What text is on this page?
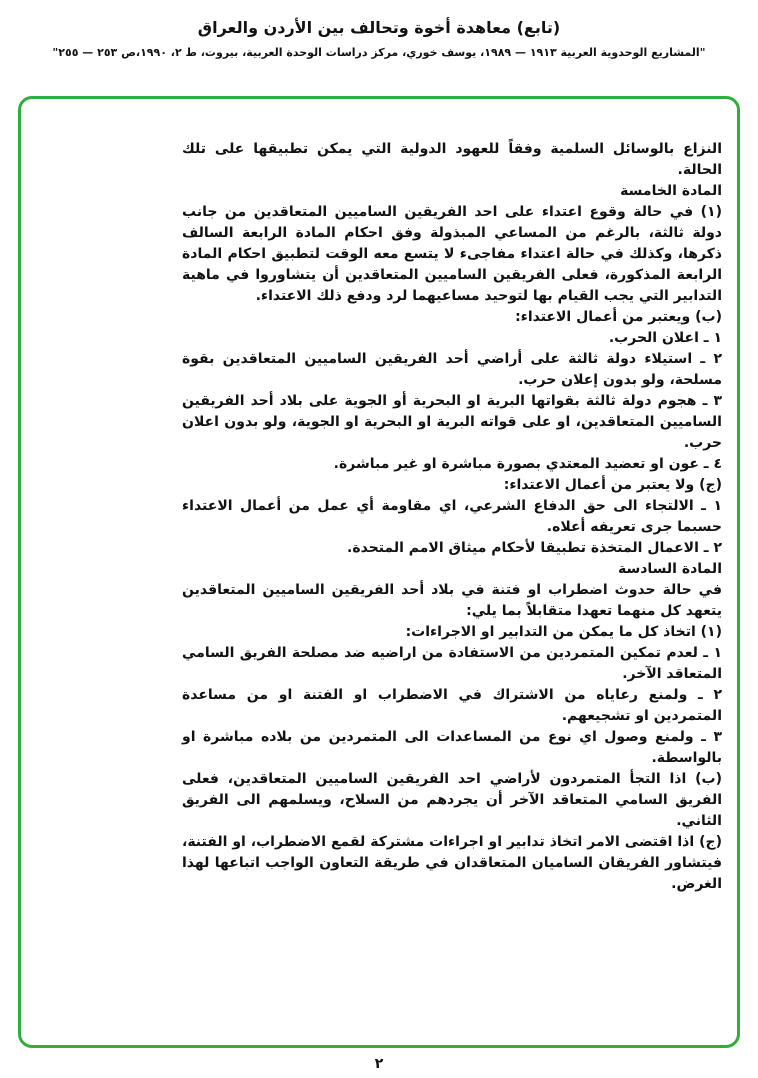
(تابع) معاهدة أخوة وتحالف بين الأردن والعراق
"المشاريع الوحدوية العربية ١٩١٣ — ١٩٨٩، يوسف خوري، مركز دراسات الوحدة العربية، بيروت، ط ٢، ١٩٩٠،ص ٢٥٣ — ٢٥٥"

النزاع بالوسائل السلمية وفقاً للعهود الدولية التي يمكن تطبيقها على تلك الحالة.

المادة الخامسة

(١) في حالة وقوع اعتداء على احد الفريقين الساميين المتعاقدين من جانب دولة ثالثة، بالرغم من المساعي المبذولة وفق احكام المادة الرابعة السالف ذكرها، وكذلك في حالة اعتداء مفاجىء لا يتسع معه الوقت لتطبيق احكام المادة الرابعة المذكورة، فعلى الفريقين الساميين المتعاقدين أن يتشاوروا في ماهية التدابير التي يجب القيام بها لتوحيد مساعيهما لرد ودفع ذلك الاعتداء.

(ب) ويعتبر من أعمال الاعتداء:

١ ـ اعلان الحرب.

٢ ـ استيلاء دولة ثالثة على أراضي أحد الفريقين الساميين المتعاقدين بقوة مسلحة، ولو بدون إعلان حرب.

٣ ـ هجوم دولة ثالثة بقواتها البرية او البحرية أو الجوية على بلاد أحد الفريقين الساميين المتعاقدين، او على قواته البرية او البحرية او الجوية، ولو بدون اعلان حرب.

٤ ـ عون او تعضيد المعتدي بصورة مباشرة او غير مباشرة.

(ج) ولا يعتبر من أعمال الاعتداء:

١ ـ الالتجاء الى حق الدفاع الشرعي، اي مقاومة أي عمل من أعمال الاعتداء حسبما جرى تعريفه أعلاه.

٢ ـ الاعمال المتخذة تطبيقا لأحكام ميثاق الامم المتحدة.

المادة السادسة

في حالة حدوث اضطراب او فتنة في بلاد أحد الفريقين الساميين المتعاقدين يتعهد كل منهما تعهدا متقابلاً بما يلي:

(١) اتخاذ كل ما يمكن من التدابير او الاجراءات:

١ ـ لعدم تمكين المتمردين من الاستفادة من اراضيه ضد مصلحة الفريق السامي المتعاقد الآخر.

٢ ـ ولمنع رعاياه من الاشتراك في الاضطراب او الفتنة او من مساعدة المتمردين او تشجيعهم.

٣ ـ ولمنع وصول اي نوع من المساعدات الى المتمردين من بلاده مباشرة او بالواسطة.

(ب) اذا التجأ المتمردون لأراضي احد الفريقين الساميين المتعاقدين، فعلى الفريق السامي المتعاقد الآخر أن يجردهم من السلاح، ويسلمهم الى الفريق الثاني.

(ج) اذا اقتضى الامر اتخاذ تدابير او اجراءات مشتركة لقمع الاضطراب، او الفتنة، فيتشاور الفريقان الساميان المتعاقدان في طريقة التعاون الواجب اتباعها لهذا الغرض.

٢
